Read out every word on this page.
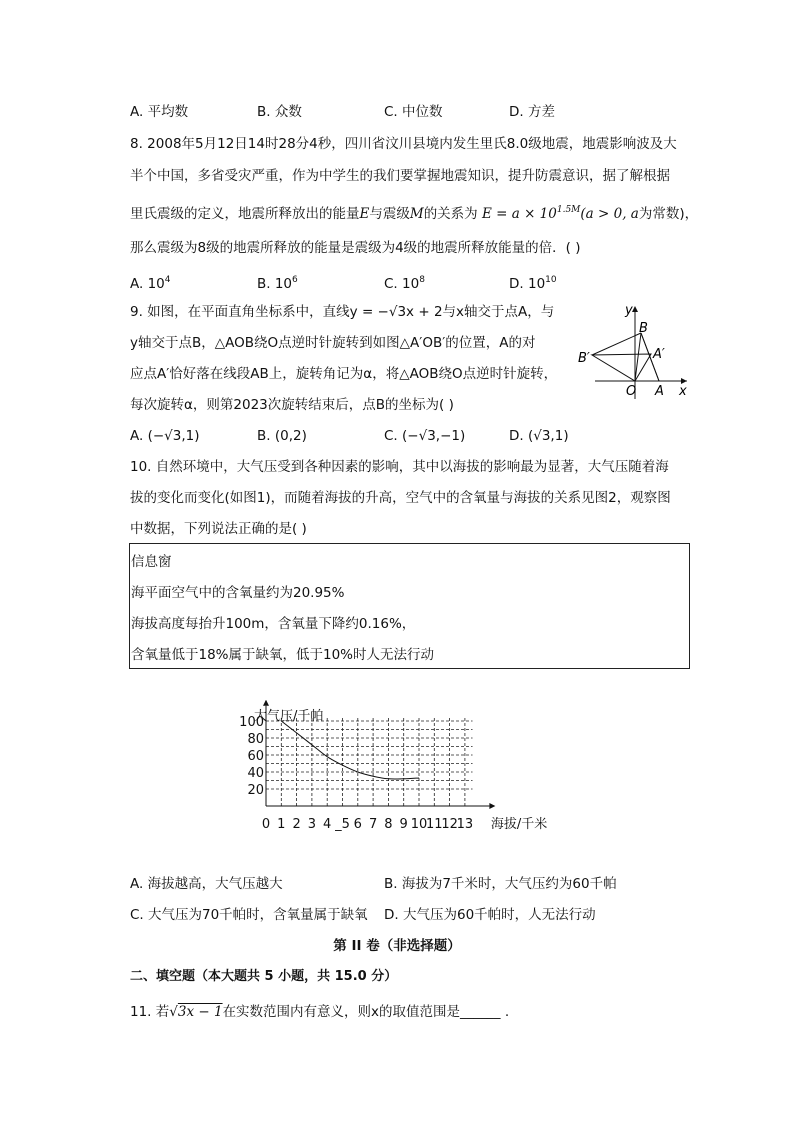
A. 平均数	B. 众数	C. 中位数	D. 方差
8. 2008年5月12日14时28分4秒，四川省汶川县境内发生里氏8.0级地震，地震影响波及大
半个中国，多省受灾严重，作为中学生的我们要掌握地震知识，提升防震意识，据了解根据
里氏震级的定义，地震所释放出的能量E与震级M的关系为 $E = a \times 10^{1.5M}(a > 0$, a为常数)，
那么震级为8级的地震所释放的能量是震级为4级的地震所释放能量的倍．( )
A. $10^4$	B. $10^6$	C. $10^8$	D. $10^{10}$
9. 如图，在平面直角坐标系中，直线y = −√3x + 2与x轴交于点A，与
y轴交于点B，△AOB绕O点逆时针旋转到如图△A′OB′的位置，A的对
应点A′恰好落在线段AB上，旋转角记为α，将△AOB绕O点逆时针旋转，
每次旋转α，则第2023次旋转结束后，点B的坐标为( )
y
x
B
B′	A′
O A
A. (−√3,1)	B. (0,2)	C. (−√3,−1)	D. (√3,1)
10. 自然环境中，大气压受到各种因素的影响，其中以海拔的影响最为显著，大气压随着海
拔的变化而变化(如图1)，而随着海拔的升高，空气中的含氧量与海拔的关系见图2，观察图
中数据，下列说法正确的是( )
信息窗
海平面空气中的含氧量约为20.95%
海拔高度每抬升100m，含氧量下降约0.16%，
含氧量低于18%属于缺氧，低于10%时人无法行动
0 1 2 3 4 _5 6 7 8 9 10
11
12
13
20
40
60
80
100
大气压/千帕
海拔/千米
A. 海拔越高，大气压越大	B. 海拔为7千米时，大气压约为60千帕
C. 大气压为70千帕时，含氧量属于缺氧 D. 大气压为60千帕时，人无法行动
第 II 卷（非选择题）
二、填空题（本大题共 5 小题，共 15.0 分）
11. 若√3x − 1在实数范围内有意义，则x的取值范围是______ .
